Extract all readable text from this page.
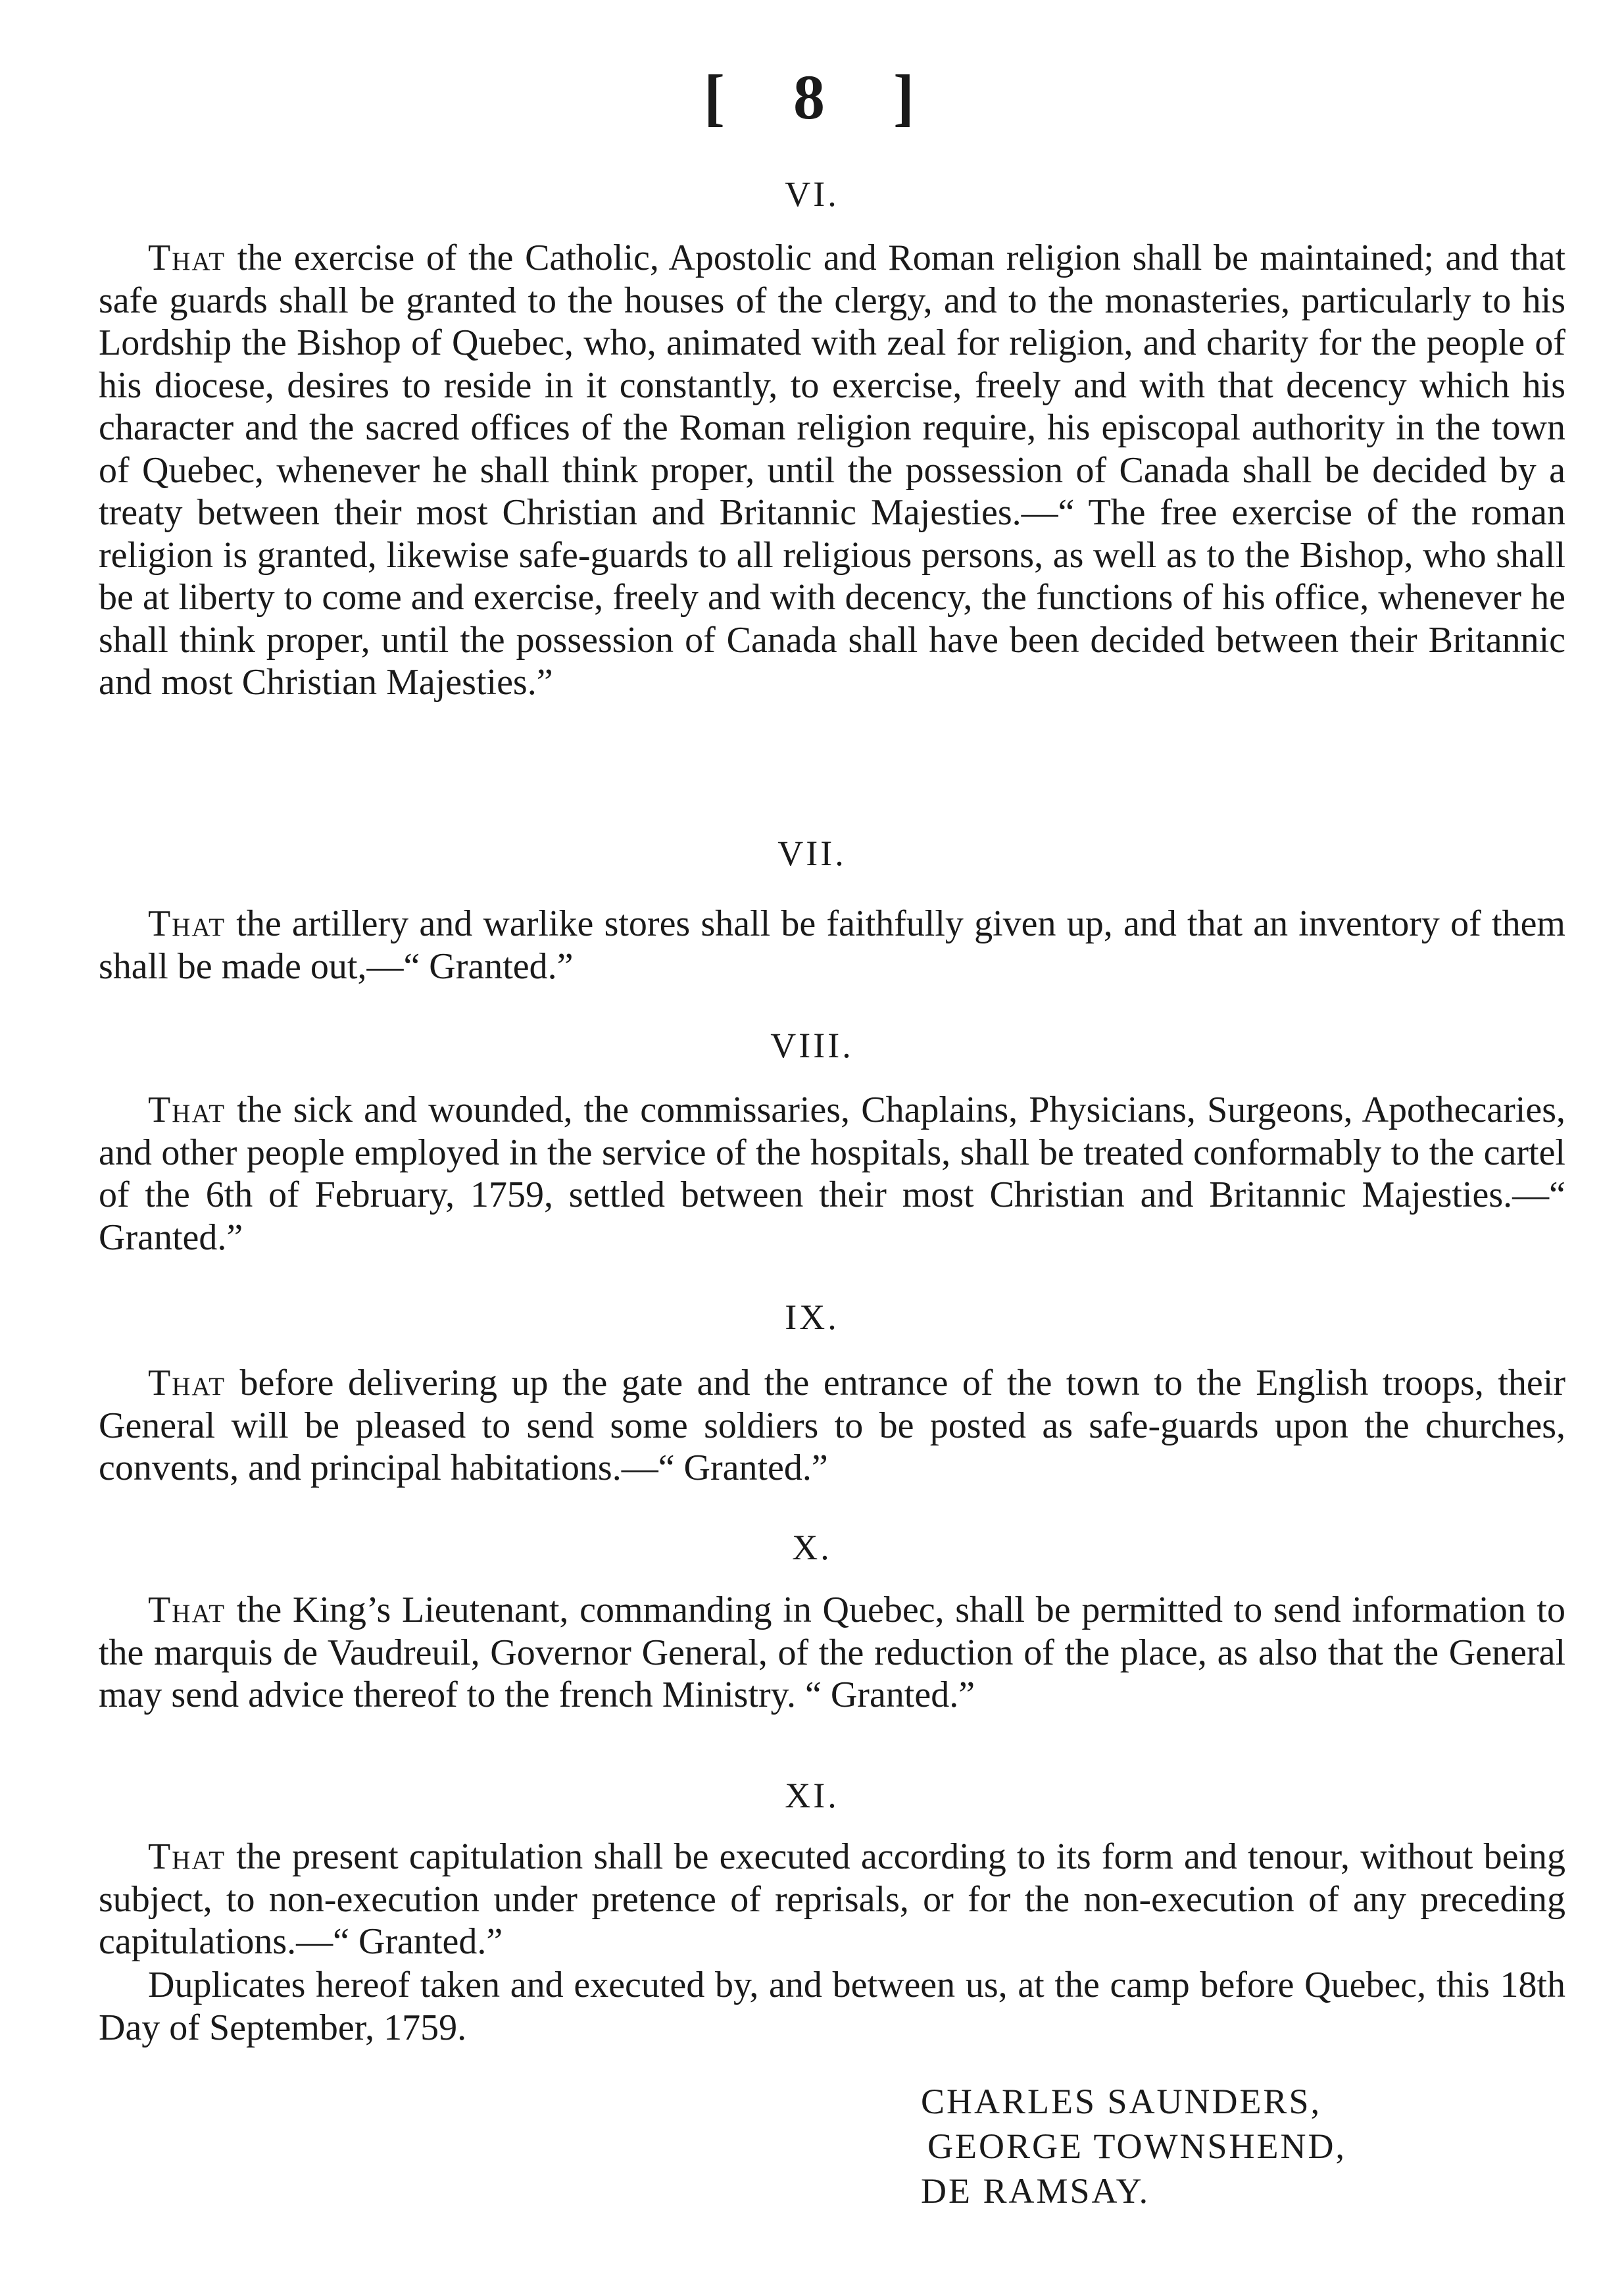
[ 8 ]
VI.

That the exercise of the Catholic, Apostolic and Roman religion shall be maintained; and that safe guards shall be granted to the houses of the clergy, and to the monasteries, particularly to his Lordship the Bishop of Quebec, who, animated with zeal for religion, and charity for the people of his diocese, desires to reside in it constantly, to exercise, freely and with that decency which his character and the sacred offices of the Roman religion require, his episcopal authority in the town of Quebec, whenever he shall think proper, until the possession of Canada shall be decided by a treaty between their most Christian and Britannic Majesties.—“ The free exercise of the roman religion is granted, likewise safe-guards to all religious persons, as well as to the Bishop, who shall be at liberty to come and exercise, freely and with decency, the functions of his office, whenever he shall think proper, until the possession of Canada shall have been decided between their Britannic and most Christian Majesties.”

VII.

That the artillery and warlike stores shall be faithfully given up, and that an inventory of them shall be made out,—“ Granted.”

VIII.

That the sick and wounded, the commissaries, Chaplains, Physicians, Surgeons, Apothecaries, and other people employed in the service of the hospitals, shall be treated conformably to the cartel of the 6th of February, 1759, settled between their most Christian and Britannic Majesties.—“ Granted.”

IX.

That before delivering up the gate and the entrance of the town to the English troops, their General will be pleased to send some soldiers to be posted as safe-guards upon the churches, convents, and principal habitations.—“ Granted.”

X.

That the King’s Lieutenant, commanding in Quebec, shall be permitted to send information to the marquis de Vaudreuil, Governor General, of the reduction of the place, as also that the General may send advice thereof to the french Ministry. “ Granted.”

XI.

That the present capitulation shall be executed according to its form and tenour, without being subject, to non-execution under pretence of reprisals, or for the non-execution of any preceding capitulations.—“ Granted.”

Duplicates hereof taken and executed by, and between us, at the camp before Quebec, this 18th Day of September, 1759.

CHARLES SAUNDERS,
GEORGE TOWNSHEND,
DE RAMSAY.
